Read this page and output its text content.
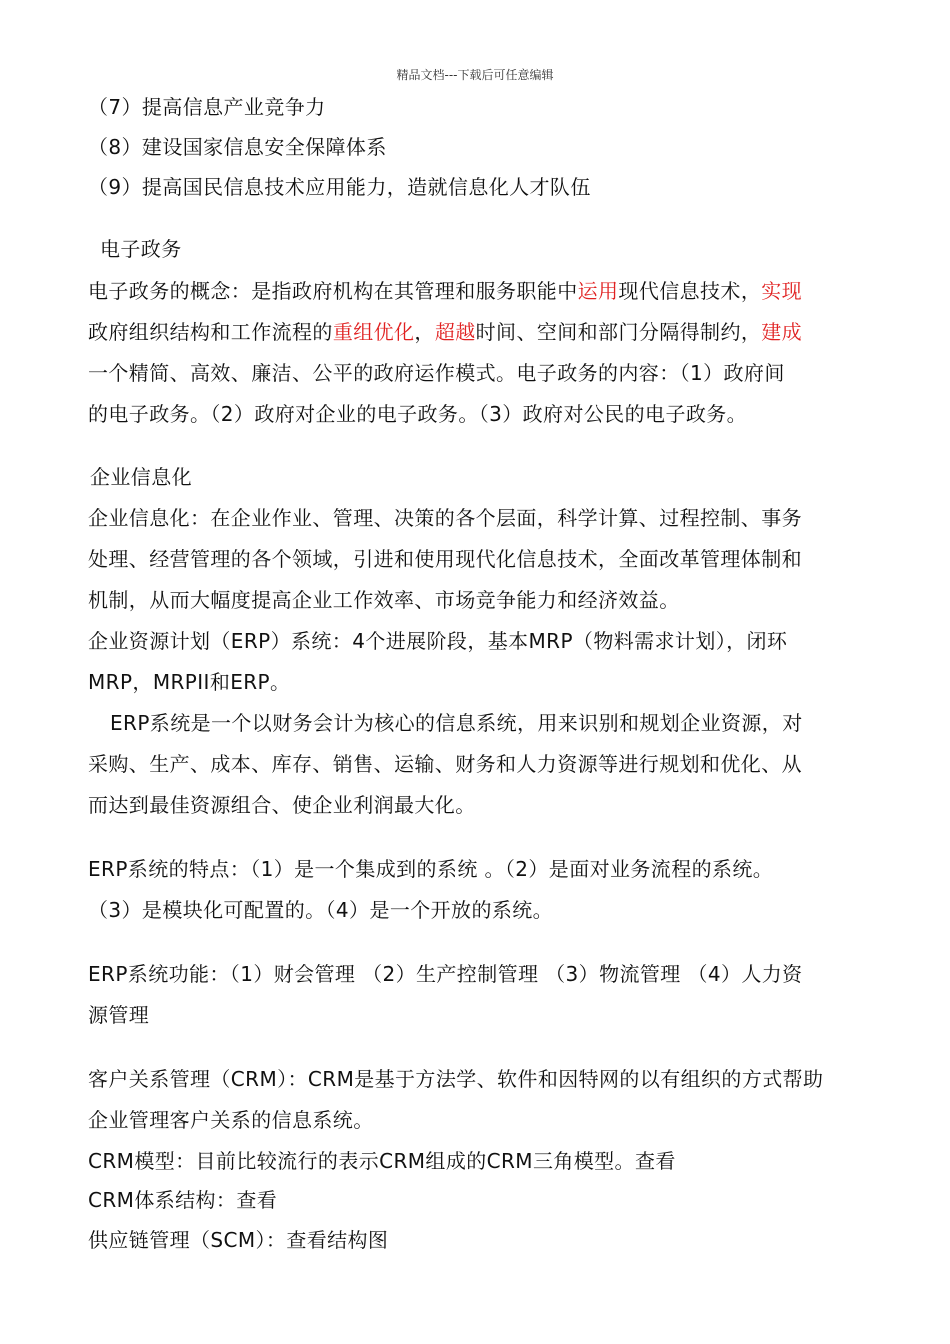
精品文档---下载后可任意编辑
（7）提高信息产业竞争力
（8）建设国家信息安全保障体系
（9）提高国民信息技术应用能力，造就信息化人才队伍
电子政务
电子政务的概念：是指政府机构在其管理和服务职能中运用现代信息技术，实现
政府组织结构和工作流程的重组优化，超越时间、空间和部门分隔得制约，建成
一个精简、高效、廉洁、公平的政府运作模式。电子政务的内容：（1）政府间
的电子政务。（2）政府对企业的电子政务。（3）政府对公民的电子政务。
企业信息化
企业信息化：在企业作业、管理、决策的各个层面，科学计算、过程控制、事务
处理、经营管理的各个领域，引进和使用现代化信息技术，全面改革管理体制和
机制，从而大幅度提高企业工作效率、市场竞争能力和经济效益。
企业资源计划（ERP）系统：4个进展阶段，基本MRP（物料需求计划），闭环
MRP，MRPII和ERP。
ERP系统是一个以财务会计为核心的信息系统，用来识别和规划企业资源，对
采购、生产、成本、库存、销售、运输、财务和人力资源等进行规划和优化、从
而达到最佳资源组合、使企业利润最大化。
ERP系统的特点：（1）是一个集成到的系统 。（2）是面对业务流程的系统。
（3）是模块化可配置的。（4）是一个开放的系统。
ERP系统功能：（1）财会管理 （2）生产控制管理 （3）物流管理 （4）人力资
源管理
客户关系管理（CRM）：CRM是基于方法学、软件和因特网的以有组织的方式帮助
企业管理客户关系的信息系统。
CRM模型：目前比较流行的表示CRM组成的CRM三角模型。查看
CRM体系结构：查看
供应链管理（SCM）：查看结构图
